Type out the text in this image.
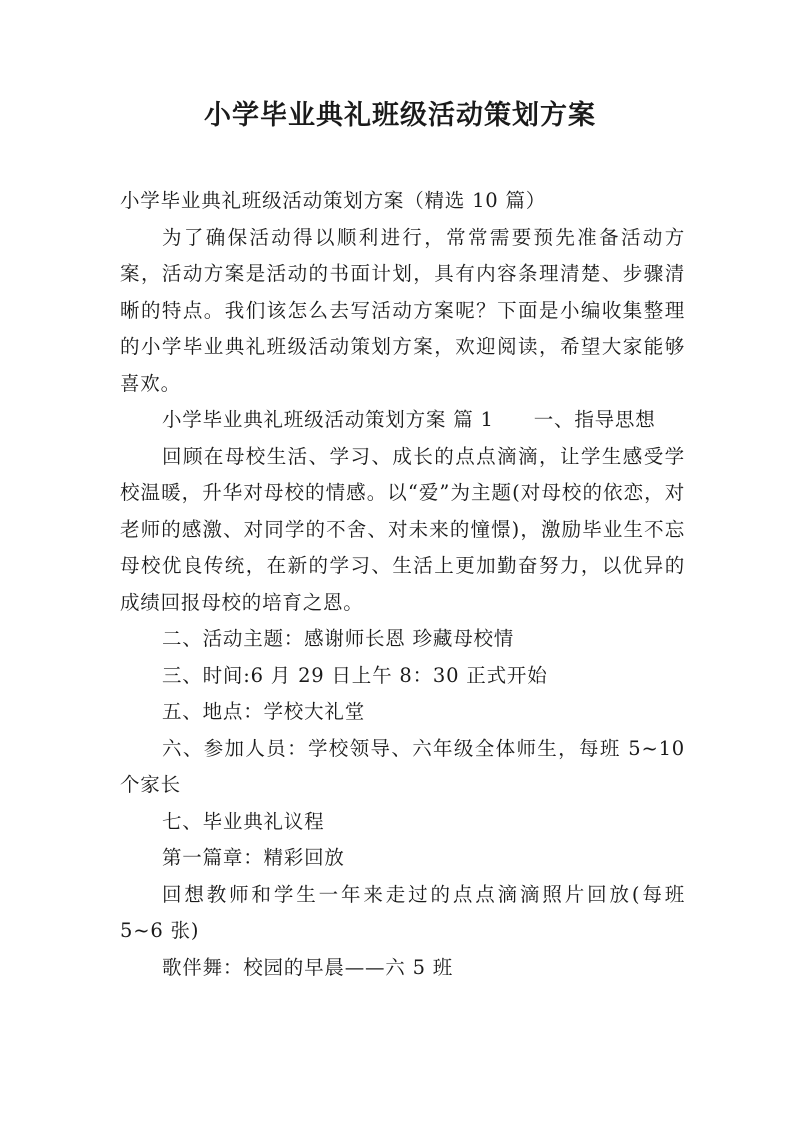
小学毕业典礼班级活动策划方案

小学毕业典礼班级活动策划方案（精选 10 篇）

为了确保活动得以顺利进行，常常需要预先准备活动方案，活动方案是活动的书面计划，具有内容条理清楚、步骤清晰的特点。我们该怎么去写活动方案呢？下面是小编收集整理的小学毕业典礼班级活动策划方案，欢迎阅读，希望大家能够喜欢。

小学毕业典礼班级活动策划方案 篇 1 一、指导思想

回顾在母校生活、学习、成长的点点滴滴，让学生感受学校温暖，升华对母校的情感。以“爱”为主题(对母校的依恋，对老师的感激、对同学的不舍、对未来的憧憬)，激励毕业生不忘母校优良传统，在新的学习、生活上更加勤奋努力，以优异的成绩回报母校的培育之恩。

二、活动主题：感谢师长恩 珍藏母校情

三、时间:6 月 29 日上午 8：30 正式开始

五、地点：学校大礼堂

六、参加人员：学校领导、六年级全体师生，每班 5~10 个家长

七、毕业典礼议程

第一篇章：精彩回放

回想教师和学生一年来走过的点点滴滴照片回放(每班 5~6 张)

歌伴舞：校园的早晨——六 5 班
